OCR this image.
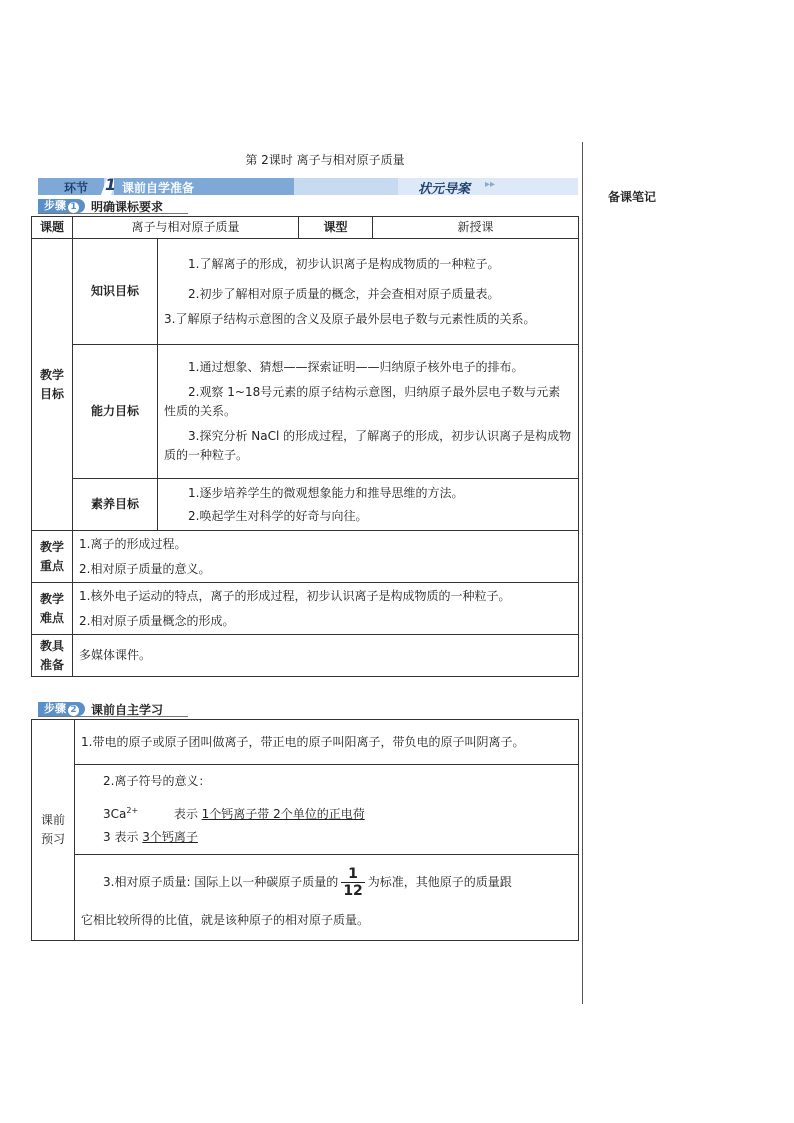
第 2课时 离子与相对原子质量
备课笔记
环节 1 课前自学准备	状元导案 ▸▸
步骤 1	明确课标要求
课题	离子与相对原子质量		课型	新授课
教学目标	知识目标	1.了解离子的形成，初步认识离子是构成物质的一种粒子。
2.初步了解相对原子质量的概念，并会查相对原子质量表。
3.了解原子结构示意图的含义及原子最外层电子数与元素性质的关系。		

	能力目标	1.通过想象、猜想——探索证明——归纳原子核外电子的排布。
2.观察 1~18号元素的原子结构示意图，归纳原子最外层电子数与元素性质的关系。
3.探究分析 NaCl 的形成过程，了解离子的形成，初步认识离子是构成物质的一种粒子。		

	素养目标	1.逐步培养学生的微观想象能力和推导思维的方法。
2.唤起学生对科学的好奇与向往。		

教学重点	1.离子的形成过程。
2.相对原子质量的意义。			

教学难点	1.核外电子运动的特点，离子的形成过程，初步认识离子是构成物质的一种粒子。
2.相对原子质量概念的形成。			

教具准备	多媒体课件。			
步骤 2	课前自主学习
课前预习	1.带电的原子或原子团叫做离子，带正电的原子叫阳离子，带负电的原子叫阴离子。

2.离子符号的意义：
$3Ca^{2+}$	表示 1个钙离子带 2个单位的正电荷
3 表示 3个钙离子

3.相对原子质量: 国际上以一种碳原子质量的 $\frac{1}{12}$ 为标准，其他原子的质量跟
它相比较所得的比值，就是该种原子的相对原子质量。
